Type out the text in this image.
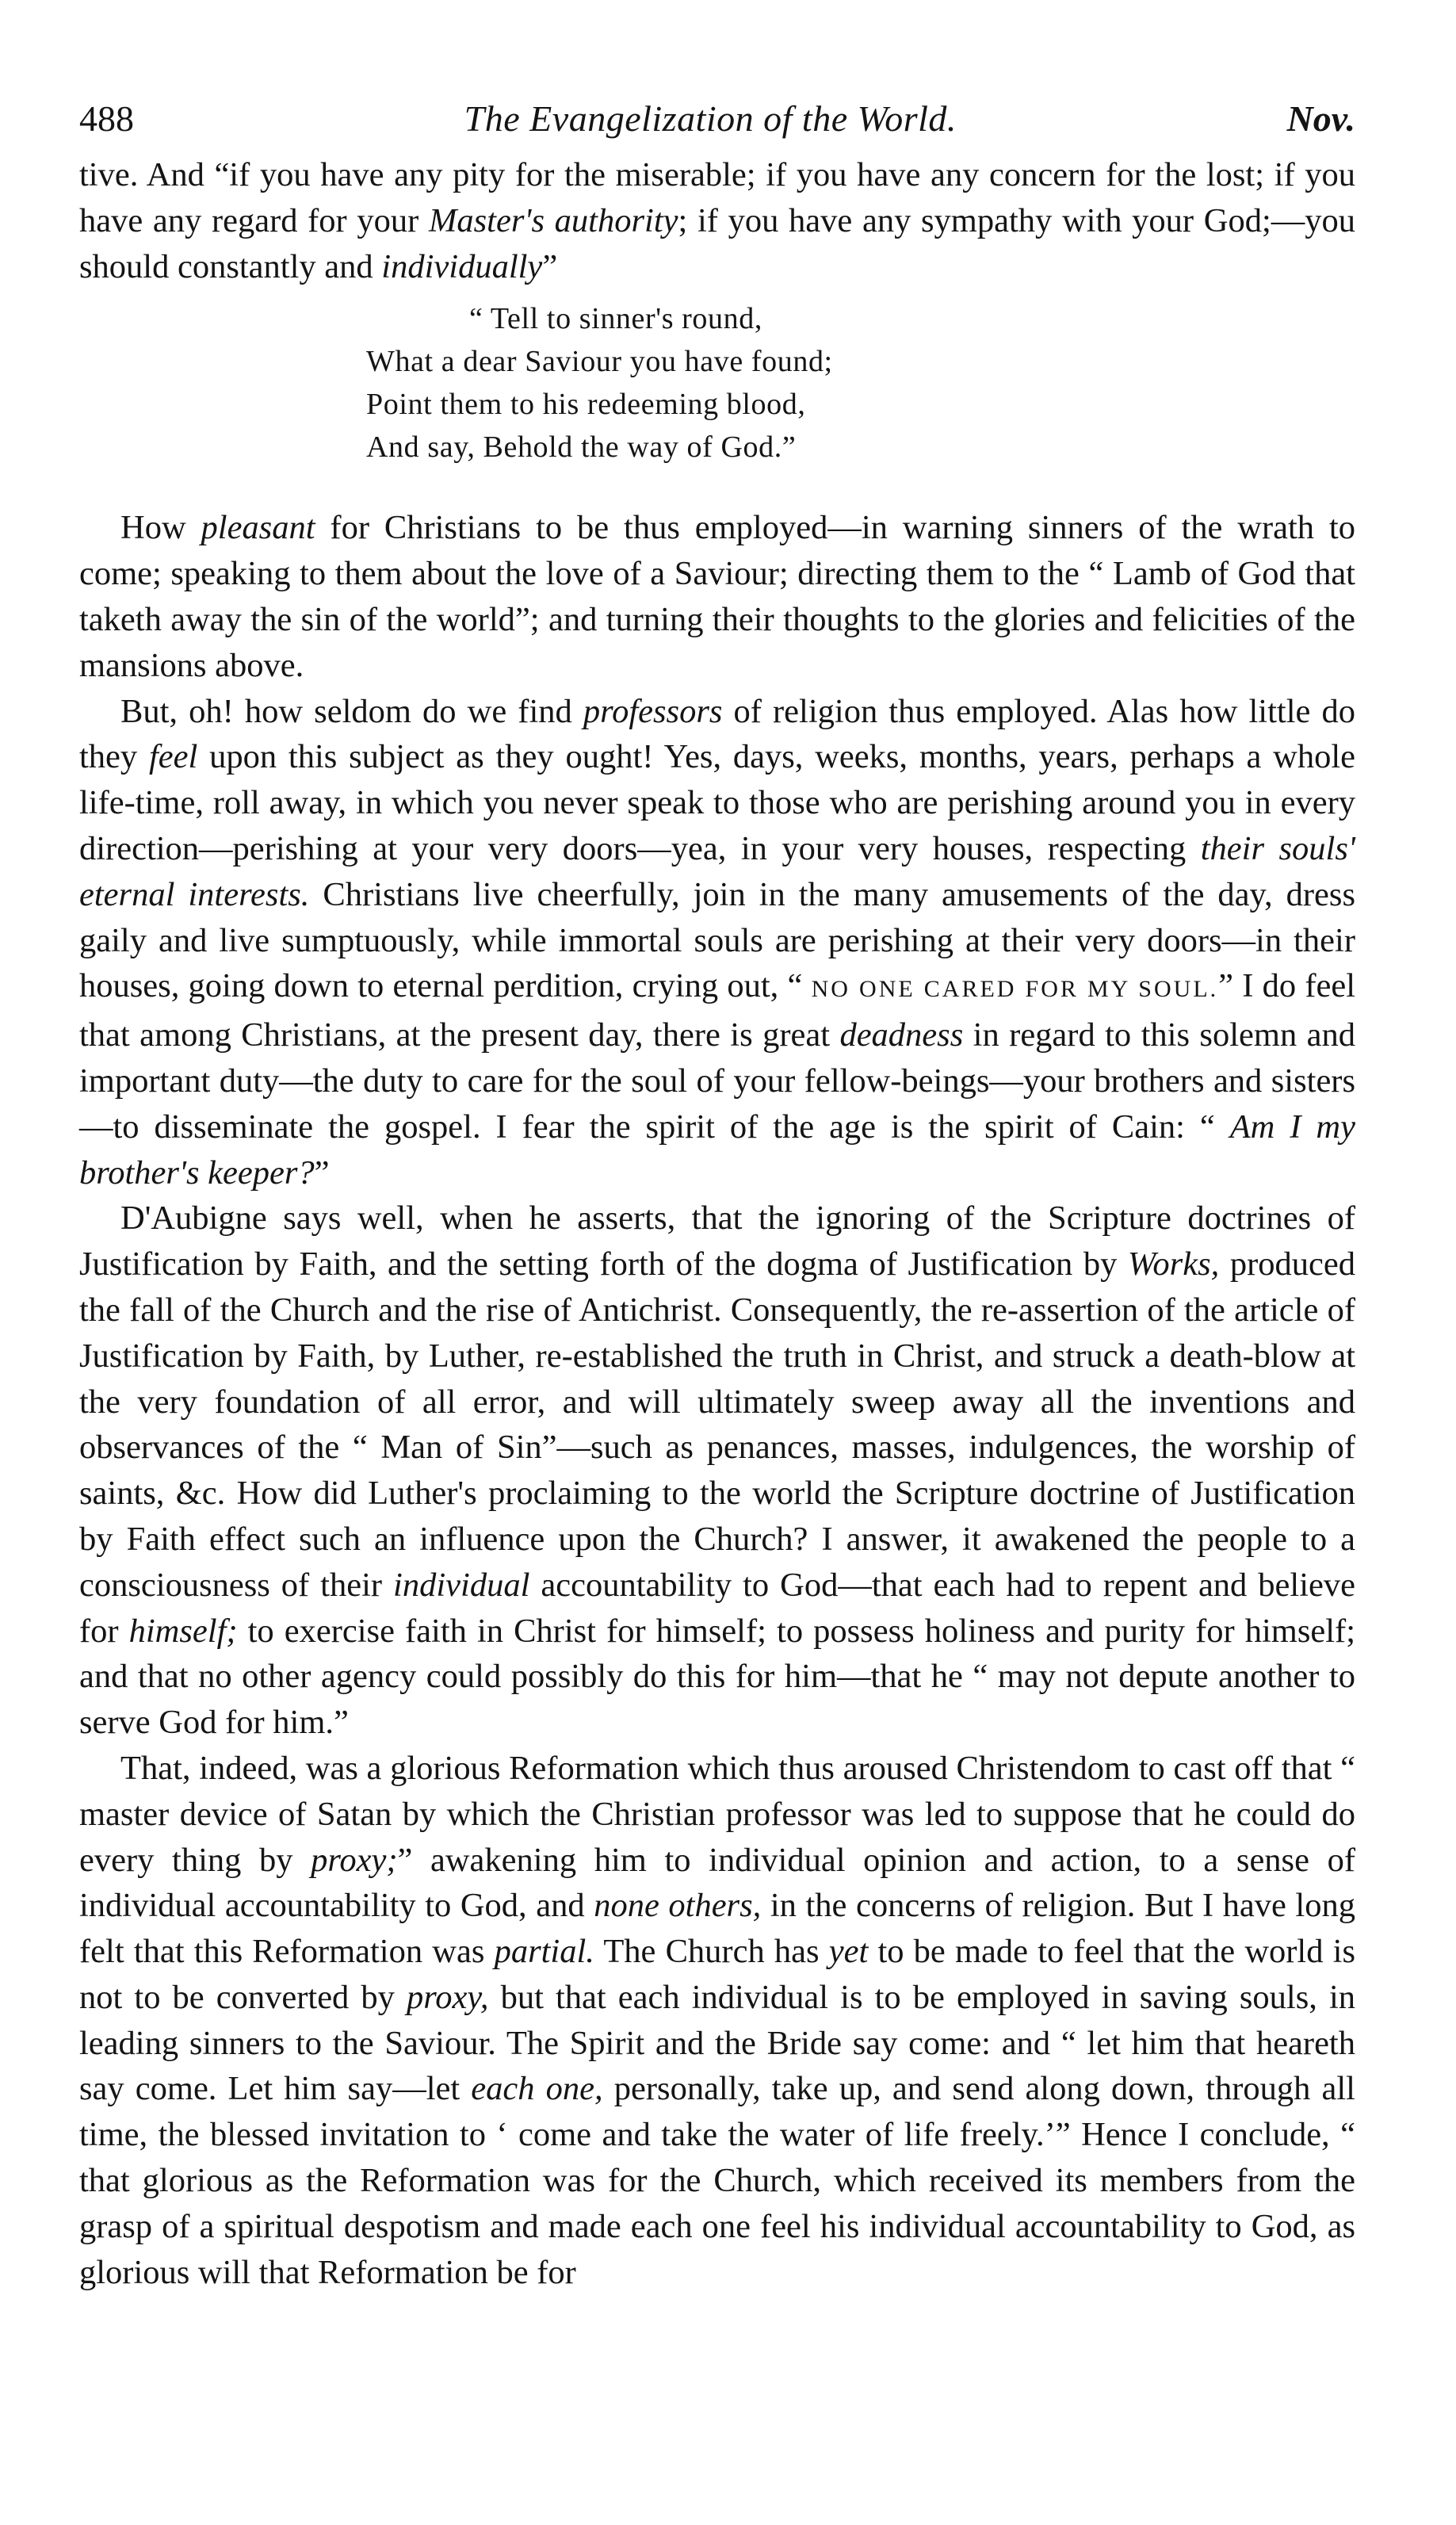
488	The Evangelization of the World.	Nov.

tive. And “if you have any pity for the miserable; if you have any concern for the lost; if you have any regard for your Master's authority; if you have any sympathy with your God;—you should constantly and individually”

“ Tell to sinner's round,
What a dear Saviour you have found;
Point them to his redeeming blood,
And say, Behold the way of God.”

How pleasant for Christians to be thus employed—in warning sinners of the wrath to come; speaking to them about the love of a Saviour; directing them to the “ Lamb of God that taketh away the sin of the world”; and turning their thoughts to the glories and felicities of the mansions above.

But, oh! how seldom do we find professors of religion thus employed. Alas how little do they feel upon this subject as they ought! Yes, days, weeks, months, years, perhaps a whole life-time, roll away, in which you never speak to those who are perishing around you in every direction—perishing at your very doors—yea, in your very houses, respecting their souls' eternal interests. Christians live cheerfully, join in the many amusements of the day, dress gaily and live sumptuously, while immortal souls are perishing at their very doors—in their houses, going down to eternal perdition, crying out, “ NO ONE CARED FOR MY SOUL.” I do feel that among Christians, at the present day, there is great deadness in regard to this solemn and important duty—the duty to care for the soul of your fellow-beings—your brothers and sisters—to disseminate the gospel. I fear the spirit of the age is the spirit of Cain: “ Am I my brother's keeper?”

D'Aubigne says well, when he asserts, that the ignoring of the Scripture doctrines of Justification by Faith, and the setting forth of the dogma of Justification by Works, produced the fall of the Church and the rise of Antichrist. Consequently, the re-assertion of the article of Justification by Faith, by Luther, re-established the truth in Christ, and struck a death-blow at the very foundation of all error, and will ultimately sweep away all the inventions and observances of the “ Man of Sin”—such as penances, masses, indulgences, the worship of saints, &c. How did Luther's proclaiming to the world the Scripture doctrine of Justification by Faith effect such an influence upon the Church? I answer, it awakened the people to a consciousness of their individual accountability to God—that each had to repent and believe for himself; to exercise faith in Christ for himself; to possess holiness and purity for himself; and that no other agency could possibly do this for him—that he “ may not depute another to serve God for him.”

That, indeed, was a glorious Reformation which thus aroused Christendom to cast off that “ master device of Satan by which the Christian professor was led to suppose that he could do every thing by proxy;” awakening him to individual opinion and action, to a sense of individual accountability to God, and none others, in the concerns of religion. But I have long felt that this Reformation was partial. The Church has yet to be made to feel that the world is not to be converted by proxy, but that each individual is to be employed in saving souls, in leading sinners to the Saviour. The Spirit and the Bride say come: and “ let him that heareth say come. Let him say—let each one, personally, take up, and send along down, through all time, the blessed invitation to ‘ come and take the water of life freely.’” Hence I conclude, “ that glorious as the Reformation was for the Church, which received its members from the grasp of a spiritual despotism and made each one feel his individual accountability to God, as glorious will that Reformation be for
